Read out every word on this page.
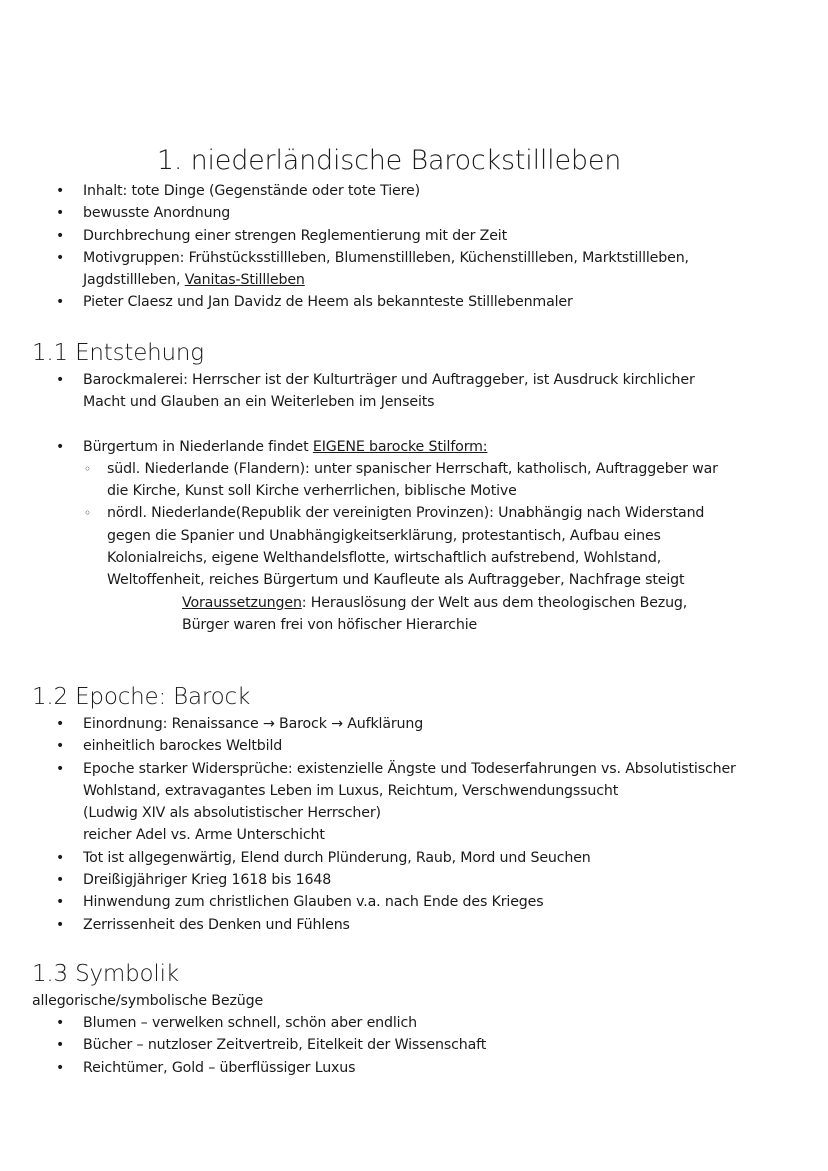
1. niederländische Barockstillleben
• Inhalt: tote Dinge (Gegenstände oder tote Tiere)
• bewusste Anordnung
• Durchbrechung einer strengen Reglementierung mit der Zeit
• Motivgruppen: Frühstücksstillleben, Blumenstillleben, Küchenstillleben, Marktstillleben,
Jagdstillleben, Vanitas-Stillleben
• Pieter Claesz und Jan Davidz de Heem als bekannteste Stilllebenmaler
1.1 Entstehung
• Barockmalerei: Herrscher ist der Kulturträger und Auftraggeber, ist Ausdruck kirchlicher
Macht und Glauben an ein Weiterleben im Jenseits
• Bürgertum in Niederlande findet EIGENE barocke Stilform:
◦ südl. Niederlande (Flandern): unter spanischer Herrschaft, katholisch, Auftraggeber war
die Kirche, Kunst soll Kirche verherrlichen, biblische Motive
◦ nördl. Niederlande(Republik der vereinigten Provinzen): Unabhängig nach Widerstand
gegen die Spanier und Unabhängigkeitserklärung, protestantisch, Aufbau eines
Kolonialreichs, eigene Welthandelsflotte, wirtschaftlich aufstrebend, Wohlstand,
Weltoffenheit, reiches Bürgertum und Kaufleute als Auftraggeber, Nachfrage steigt
Voraussetzungen: Herauslösung der Welt aus dem theologischen Bezug,
Bürger waren frei von höfischer Hierarchie
1.2 Epoche: Barock
• Einordnung: Renaissance → Barock → Aufklärung
• einheitlich barockes Weltbild
• Epoche starker Widersprüche: existenzielle Ängste und Todeserfahrungen vs. Absolutistischer
Wohlstand, extravagantes Leben im Luxus, Reichtum, Verschwendungssucht
(Ludwig XIV als absolutistischer Herrscher)
reicher Adel vs. Arme Unterschicht
• Tot ist allgegenwärtig, Elend durch Plünderung, Raub, Mord und Seuchen
• Dreißigjähriger Krieg 1618 bis 1648
• Hinwendung zum christlichen Glauben v.a. nach Ende des Krieges
• Zerrissenheit des Denken und Fühlens
1.3 Symbolik
allegorische/symbolische Bezüge
• Blumen – verwelken schnell, schön aber endlich
• Bücher – nutzloser Zeitvertreib, Eitelkeit der Wissenschaft
• Reichtümer, Gold – überflüssiger Luxus
